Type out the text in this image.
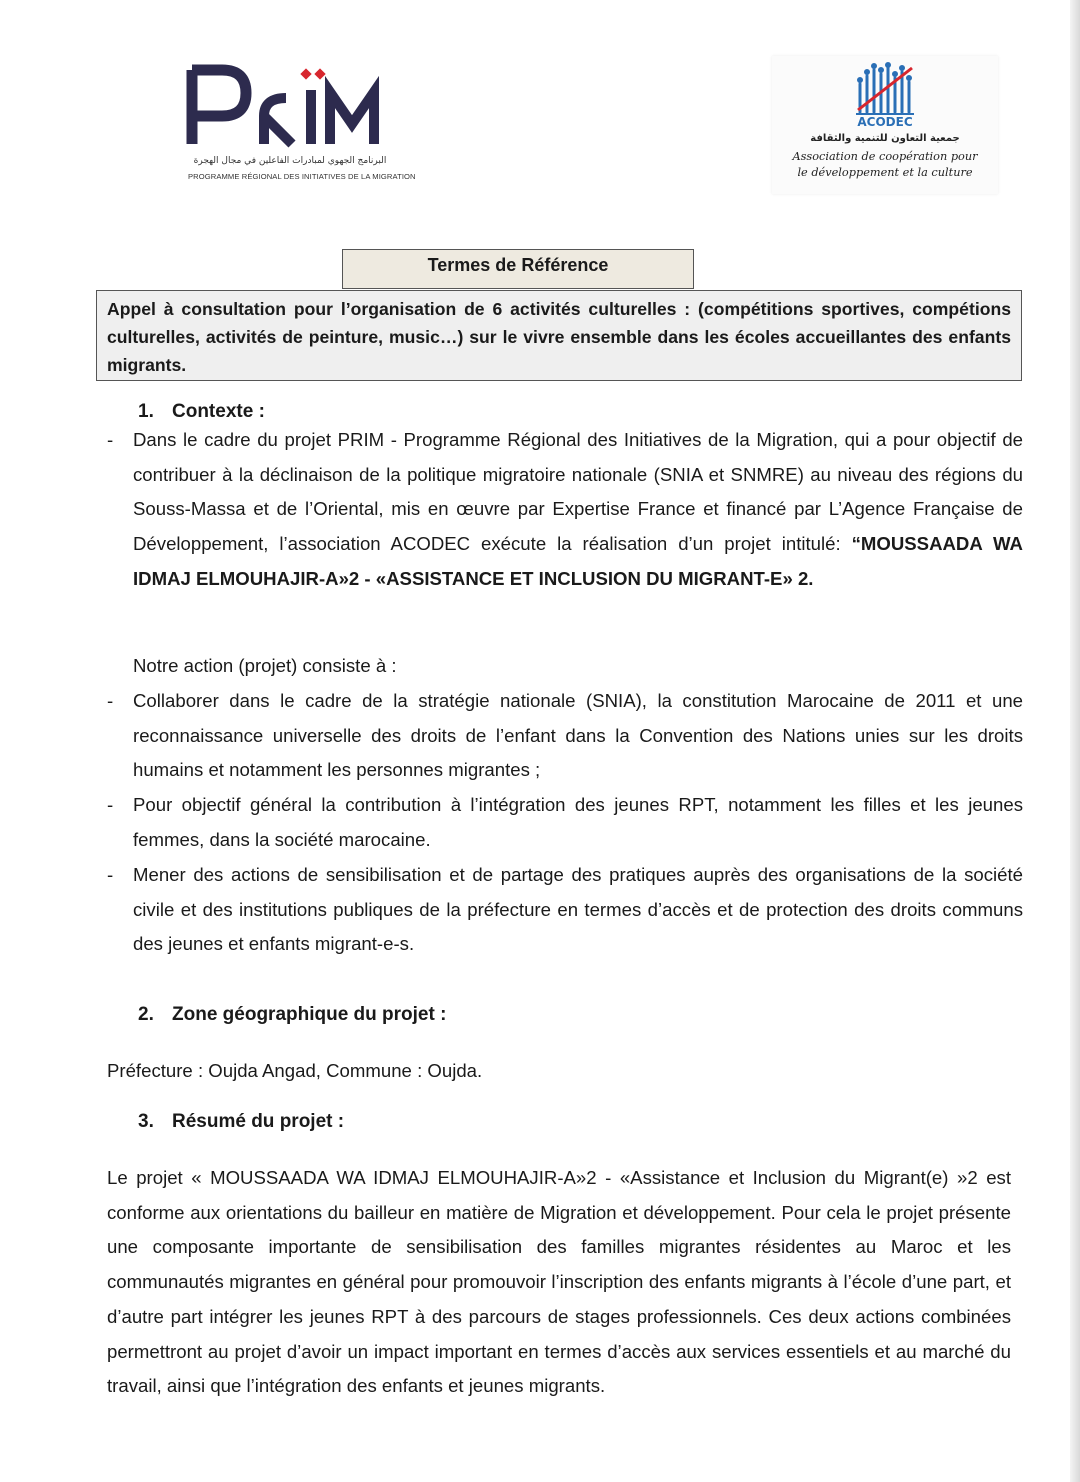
البرنامج الجهوي لمبادرات الفاعلين في مجال الهجرة
PROGRAMME RÉGIONAL DES INITIATIVES DE LA MIGRATION
ACODEC
جمعية التعاون للتنمية والثقافة
Association de coopération pour
le développement et la culture
Termes de Référence
Appel à consultation pour l’organisation de 6 activités culturelles : (compétitions sportives, compétions culturelles, activités de peinture, music…) sur le vivre ensemble dans les écoles accueillantes des enfants migrants.
1. Contexte :
- Dans le cadre du projet PRIM - Programme Régional des Initiatives de la Migration, qui a pour objectif de contribuer à la déclinaison de la politique migratoire nationale (SNIA et SNMRE) au niveau des régions du Souss-Massa et de l’Oriental, mis en œuvre par Expertise France et financé par L’Agence Française de Développement, l’association ACODEC exécute la réalisation d’un projet intitulé: “MOUSSAADA WA IDMAJ ELMOUHAJIR-A»2 - «ASSISTANCE ET INCLUSION DU MIGRANT-E» 2.
Notre action (projet) consiste à :
- Collaborer dans le cadre de la stratégie nationale (SNIA), la constitution Marocaine de 2011 et une reconnaissance universelle des droits de l’enfant dans la Convention des Nations unies sur les droits humains et notamment les personnes migrantes ;
- Pour objectif général la contribution à l’intégration des jeunes RPT, notamment les filles et les jeunes femmes, dans la société marocaine.
- Mener des actions de sensibilisation et de partage des pratiques auprès des organisations de la société civile et des institutions publiques de la préfecture en termes d’accès et de protection des droits communs des jeunes et enfants migrant-e-s.
2. Zone géographique du projet :
Préfecture : Oujda Angad, Commune : Oujda.
3. Résumé du projet :
Le projet « MOUSSAADA WA IDMAJ ELMOUHAJIR-A»2 - «Assistance et Inclusion du Migrant(e) »2 est conforme aux orientations du bailleur en matière de Migration et développement. Pour cela le projet présente une composante importante de sensibilisation des familles migrantes résidentes au Maroc et les communautés migrantes en général pour promouvoir l’inscription des enfants migrants à l’école d’une part, et d’autre part intégrer les jeunes RPT à des parcours de stages professionnels. Ces deux actions combinées permettront au projet d’avoir un impact important en termes d’accès aux services essentiels et au marché du travail, ainsi que l’intégration des enfants et jeunes migrants.
